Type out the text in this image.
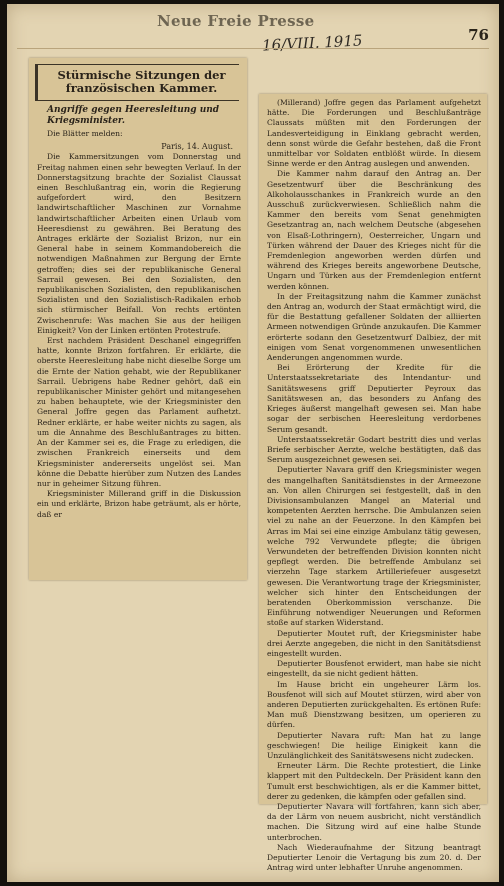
Neue Freie Presse
16/VIII. 1915	76
Stürmische Sitzungen der französischen Kammer.
Angriffe gegen Heeresleitung und Kriegsminister.

Die Blätter melden:

Paris, 14. August.

Die Kammersitzungen vom Donnerstag und Freitag nahmen einen sehr bewegten Verlauf. In der Donnerstagsitzung brachte der Sozialist Claussat einen Beschlußantrag ein, worin die Regierung aufgefordert wird, den Besitzern landwirtschaftlicher Maschinen zur Vornahme landwirtschaftlicher Arbeiten einen Urlaub vom Heeresdienst zu gewähren. Bei Beratung des Antrages erklärte der Sozialist Brizon, nur ein General habe in seinem Kommandobereich die notwendigen Maßnahmen zur Bergung der Ernte getroffen; dies sei der republikanische General Sarrail gewesen. Bei den Sozialisten, den republikanischen Sozialisten, den republikanischen Sozialisten und den Sozialistisch-Radikalen erhob sich stürmischer Beifall. Von rechts ertönten Zwischenrufe: Was machen Sie aus der heiligen Einigkeit? Von der Linken ertönten Protestrufe.

Erst nachdem Präsident Deschanel eingegriffen hatte, konnte Brizon fortfahren. Er erklärte, die oberste Heeresleitung habe nicht dieselbe Sorge um die Ernte der Nation gehabt, wie der Republikaner Sarrail. Uebrigens habe Redner gehört, daß ein republikanischer Minister gehört und mitangesehen zu haben behauptete, wie der Kriegsminister den General Joffre gegen das Parlament aufhetzt. Redner erklärte, er habe weiter nichts zu sagen, als um die Annahme des Beschlußantrages zu bitten. An der Kammer sei es, die Frage zu erledigen, die zwischen Frankreich einerseits und dem Kriegsminister andererseits ungelöst sei. Man könne die Debatte hierüber zum Nutzen des Landes nur in geheimer Sitzung führen.

Kriegsminister Millerand griff in die Diskussion ein und erklärte, Brizon habe geträumt, als er hörte, daß er

(Millerand) Joffre gegen das Parlament aufgehetzt hätte. Die Forderungen und Beschlußanträge Claussats müßten mit den Forderungen der Landesverteidigung in Einklang gebracht werden, denn sonst würde die Gefahr bestehen, daß die Front unmittelbar vor Soldaten entblößt würde. In diesem Sinne werde er den Antrag auslegen und anwenden.

Die Kammer nahm darauf den Antrag an. Der Gesetzentwurf über die Beschränkung des Alkoholausschankes in Frankreich wurde an den Ausschuß zurückverwiesen. Schließlich nahm die Kammer den bereits vom Senat genehmigten Gesetzantrag an, nach welchem Deutsche (abgesehen von Elsaß-Lothringern), Oesterreicher, Ungarn und Türken während der Dauer des Krieges nicht für die Fremdenlegion angeworben werden dürfen und während des Krieges bereits angeworbene Deutsche, Ungarn und Türken aus der Fremdenlegion entfernt werden können.

In der Freitagsitzung nahm die Kammer zunächst den Antrag an, wodurch der Staat ermächtigt wird, die für die Bestattung gefallener Soldaten der alliierten Armeen notwendigen Gründe anzukaufen. Die Kammer erörterte sodann den Gesetzentwurf Dalbiez, der mit einigen vom Senat vorgenommenen unwesentlichen Aenderungen angenommen wurde.

Bei Erörterung der Kredite für die Unterstaatssekretariate des Intendantur- und Sanitätswesens griff Deputierter Peyroux das Sanitätswesen an, das besonders zu Anfang des Krieges äußerst mangelhaft gewesen sei. Man habe sogar der serbischen Heeresleitung verdorbenes Serum gesandt.

Unterstaatssekretär Godart bestritt dies und verlas Briefe serbischer Aerzte, welche bestätigten, daß das Serum ausgezeichnet gewesen sei.

Deputierter Navara griff den Kriegsminister wegen des mangelhaften Sanitätsdienstes in der Armeezone an. Von allen Chirurgen sei festgestellt, daß in den Divisionsambulanzen Mangel an Material und kompetenten Aerzten herrsche. Die Ambulanzen seien viel zu nahe an der Feuerzone. In den Kämpfen bei Arras im Mai sei eine einzige Ambulanz tätig gewesen, welche 792 Verwundete pflegte; die übrigen Verwundeten der betreffenden Division konnten nicht gepflegt werden. Die betreffende Ambulanz sei vierzehn Tage starkem Artilleriefeuer ausgesetzt gewesen. Die Verantwortung trage der Kriegsminister, welcher sich hinter den Entscheidungen der beratenden Oberkommission verschanze. Die Einführung notwendiger Neuerungen und Reformen stoße auf starken Widerstand.

Deputierter Moutet ruft, der Kriegsminister habe drei Aerzte angegeben, die nicht in den Sanitätsdienst eingestellt wurden.

Deputierter Bousfenot erwidert, man habe sie nicht eingestellt, da sie nicht gedient hätten.

Im Hause bricht ein ungeheurer Lärm los. Bousfenot will sich auf Moutet stürzen, wird aber von anderen Deputierten zurückgehalten. Es ertönen Rufe: Man muß Dienstzwang besitzen, um operieren zu dürfen.

Deputierter Navara ruft: Man hat zu lange geschwiegen! Die heilige Einigkeit kann die Unzulänglichkeit des Sanitätswesens nicht zudecken.

Erneuter Lärm. Die Rechte protestiert, die Linke klappert mit den Pultdeckeln. Der Präsident kann den Tumult erst beschwichtigen, als er die Kammer bittet, derer zu gedenken, die kämpfen oder gefallen sind.

Deputierter Navara will fortfahren, kann sich aber, da der Lärm von neuem ausbricht, nicht verständlich machen. Die Sitzung wird auf eine halbe Stunde unterbrochen.

Nach Wiederaufnahme der Sitzung beantragt Deputierter Lenoir die Vertagung bis zum 20. d. Der Antrag wird unter lebhafter Unruhe angenommen.
